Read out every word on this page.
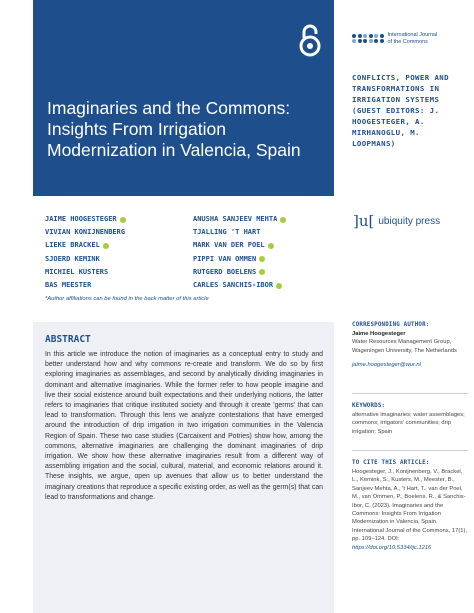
Imaginaries and the Commons: Insights From Irrigation Modernization in Valencia, Spain
International Journal
of the Commons
CONFLICTS, POWER AND TRANSFORMATIONS IN IRRIGATION SYSTEMS (GUEST EDITORS: J. HOOGESTEGER, A. MIRHANOGLU, M. LOOPMANS)
JAIME HOOGESTEGER
VIVIAN KONIJNENBERG
LIEKE BRACKEL
SJOERD KEMINK
MICHIEL KUSTERS
BAS MEESTER
ANUSHA SANJEEV MEHTA
TJALLING 'T HART
MARK VAN DER POEL
PIPPI VAN OMMEN
RUTGERD BOELENS
CARLES SANCHIS-IBOR
*Author affiliations can be found in the back matter of this article
]u[ ubiquity press
ABSTRACT

In this article we introduce the notion of imaginaries as a conceptual entry to study and better understand how and why commons re-create and transform. We do so by first exploring imaginaries as assemblages, and second by analytically dividing imaginaries in dominant and alternative imaginaries. While the former refer to how people imagine and live their social existence around built expectations and their underlying notions, the latter refers to imaginaries that critique instituted society and through it create 'germs' that can lead to transformation. Through this lens we analyze contestations that have emerged around the introduction of drip irrigation in two irrigation communities in the Valencia Region of Spain. These two case studies (Carcaixent and Potries) show how, among the commons, alternative imaginaries are challenging the dominant imaginaries of drip irrigation. We show how these alternative imaginaries result from a different way of assembling irrigation and the social, cultural, material, and economic relations around it. These insights, we argue, open up avenues that allow us to better understand the imaginary creations that reproduce a specific existing order, as well as the germ(s) that can lead to transformations and change.

CORRESPONDING AUTHOR:
Jaime Hoogesteger
Water Resources Management Group, Wageningen University, The Netherlands
jaime.hoogesteger@wur.nl
KEYWORDS:
alternative imaginaries; water assemblages; commons; irrigators' communities; drip irrigation; Spain
TO CITE THIS ARTICLE:
Hoogesteger, J., Konijnenberg, V., Brackel, L., Kemink, S., Kusters, M., Meester, B., Sanjeev Mehta, A., 't Hart, T., van der Poel, M., van Ommen, P., Boelens, R., & Sanchis-Ibor, C. (2023). Imaginaries and the Commons: Insights From Irrigation Modernization in Valencia, Spain. International Journal of the Commons, 17(1), pp. 109–124. DOI:
https://doi.org/10.5334/ijc.1216
